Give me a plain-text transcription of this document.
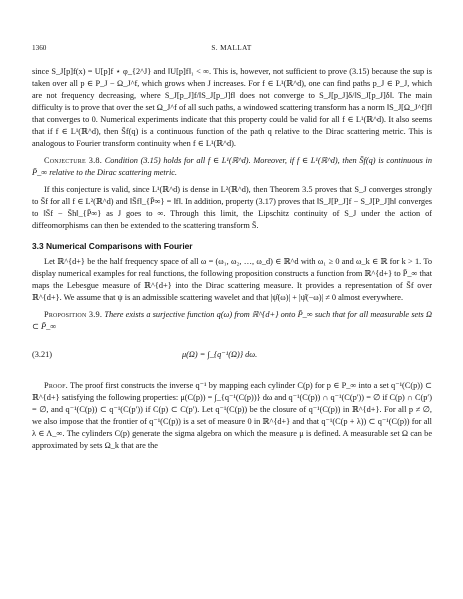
1360	S. MALLAT

since S_J[p]f(x) = U[p]f ⋆ φ_{2^J} and ‖U[p]f‖₁ < ∞. This is, however, not sufficient to prove (3.15) because the sup is taken over all p ∈ P_J − Ω_J^f, which grows when J increases. For f ∈ L¹(ℝ^d), one can find paths p_J ∈ P_J, which are not frequency decreasing, where S_J[p_J]f/‖S_J[p_J]f‖ does not converge to S_J[p_J]δ/‖S_J[p_J]δ‖. The main difficulty is to prove that over the set Ω_J^f of all such paths, a windowed scattering transform has a norm ‖S_J[Ω_J^f]f‖ that converges to 0. Numerical experiments indicate that this property could be valid for all f ∈ L¹(ℝ^d). It also seems that if f ∈ L¹(ℝ^d), then S̄f(q) is a continuous function of the path q relative to the Dirac scattering metric. This is analogous to Fourier transform continuity when f ∈ L¹(ℝ^d).

Conjecture 3.8. Condition (3.15) holds for all f ∈ L¹(ℝ^d). Moreover, if f ∈ L¹(ℝ^d), then S̄f(q) is continuous in P̄_∞ relative to the Dirac scattering metric.

If this conjecture is valid, since L¹(ℝ^d) is dense in L²(ℝ^d), then Theorem 3.5 proves that S_J converges strongly to S̄f for all f ∈ L²(ℝ^d) and ‖S̄f‖_{P̄∞} = ‖f‖. In addition, property (3.17) proves that ‖S_J[P_J]f − S_J[P_J]h‖ converges to ‖S̄f − S̄h‖_{P̄∞} as J goes to ∞. Through this limit, the Lipschitz continuity of S_J under the action of diffeomorphisms can then be extended to the scattering transform S̄.

3.3 Numerical Comparisons with Fourier

Let ℝ^{d+} be the half frequency space of all ω = (ω₁, ω₂, …, ω_d) ∈ ℝ^d with ω₁ ≥ 0 and ω_k ∈ ℝ for k > 1. To display numerical examples for real functions, the following proposition constructs a function from ℝ^{d+} to P̄_∞ that maps the Lebesgue measure of ℝ^{d+} into the Dirac scattering measure. It provides a representation of S̄f over ℝ^{d+}. We assume that ψ is an admissible scattering wavelet and that |ψ̂(ω)| + |ψ̂(−ω)| ≠ 0 almost everywhere.

Proposition 3.9. There exists a surjective function q(ω) from ℝ^{d+} onto P̄_∞ such that for all measurable sets Ω ⊂ P̄_∞

(3.21)	μ(Ω) = ∫_{q⁻¹(Ω)} dω.

Proof. The proof first constructs the inverse q⁻¹ by mapping each cylinder C(p) for p ∈ P_∞ into a set q⁻¹(C(p)) ⊂ ℝ^{d+} satisfying the following properties: μ(C(p)) = ∫_{q⁻¹(C(p))} dω and q⁻¹(C(p)) ∩ q⁻¹(C(p′)) = ∅ if C(p) ∩ C(p′) = ∅, and q⁻¹(C(p)) ⊂ q⁻¹(C(p′)) if C(p) ⊂ C(p′). Let q⁻¹(C(p)) be the closure of q⁻¹(C(p)) in ℝ^{d+}. For all p ≠ ∅, we also impose that the frontier of q⁻¹(C(p)) is a set of measure 0 in ℝ^{d+} and that q⁻¹(C(p + λ)) ⊂ q⁻¹(C(p)) for all λ ∈ Λ_∞. The cylinders C(p) generate the sigma algebra on which the measure μ is defined. A measurable set Ω can be approximated by sets Ω_k that are the
